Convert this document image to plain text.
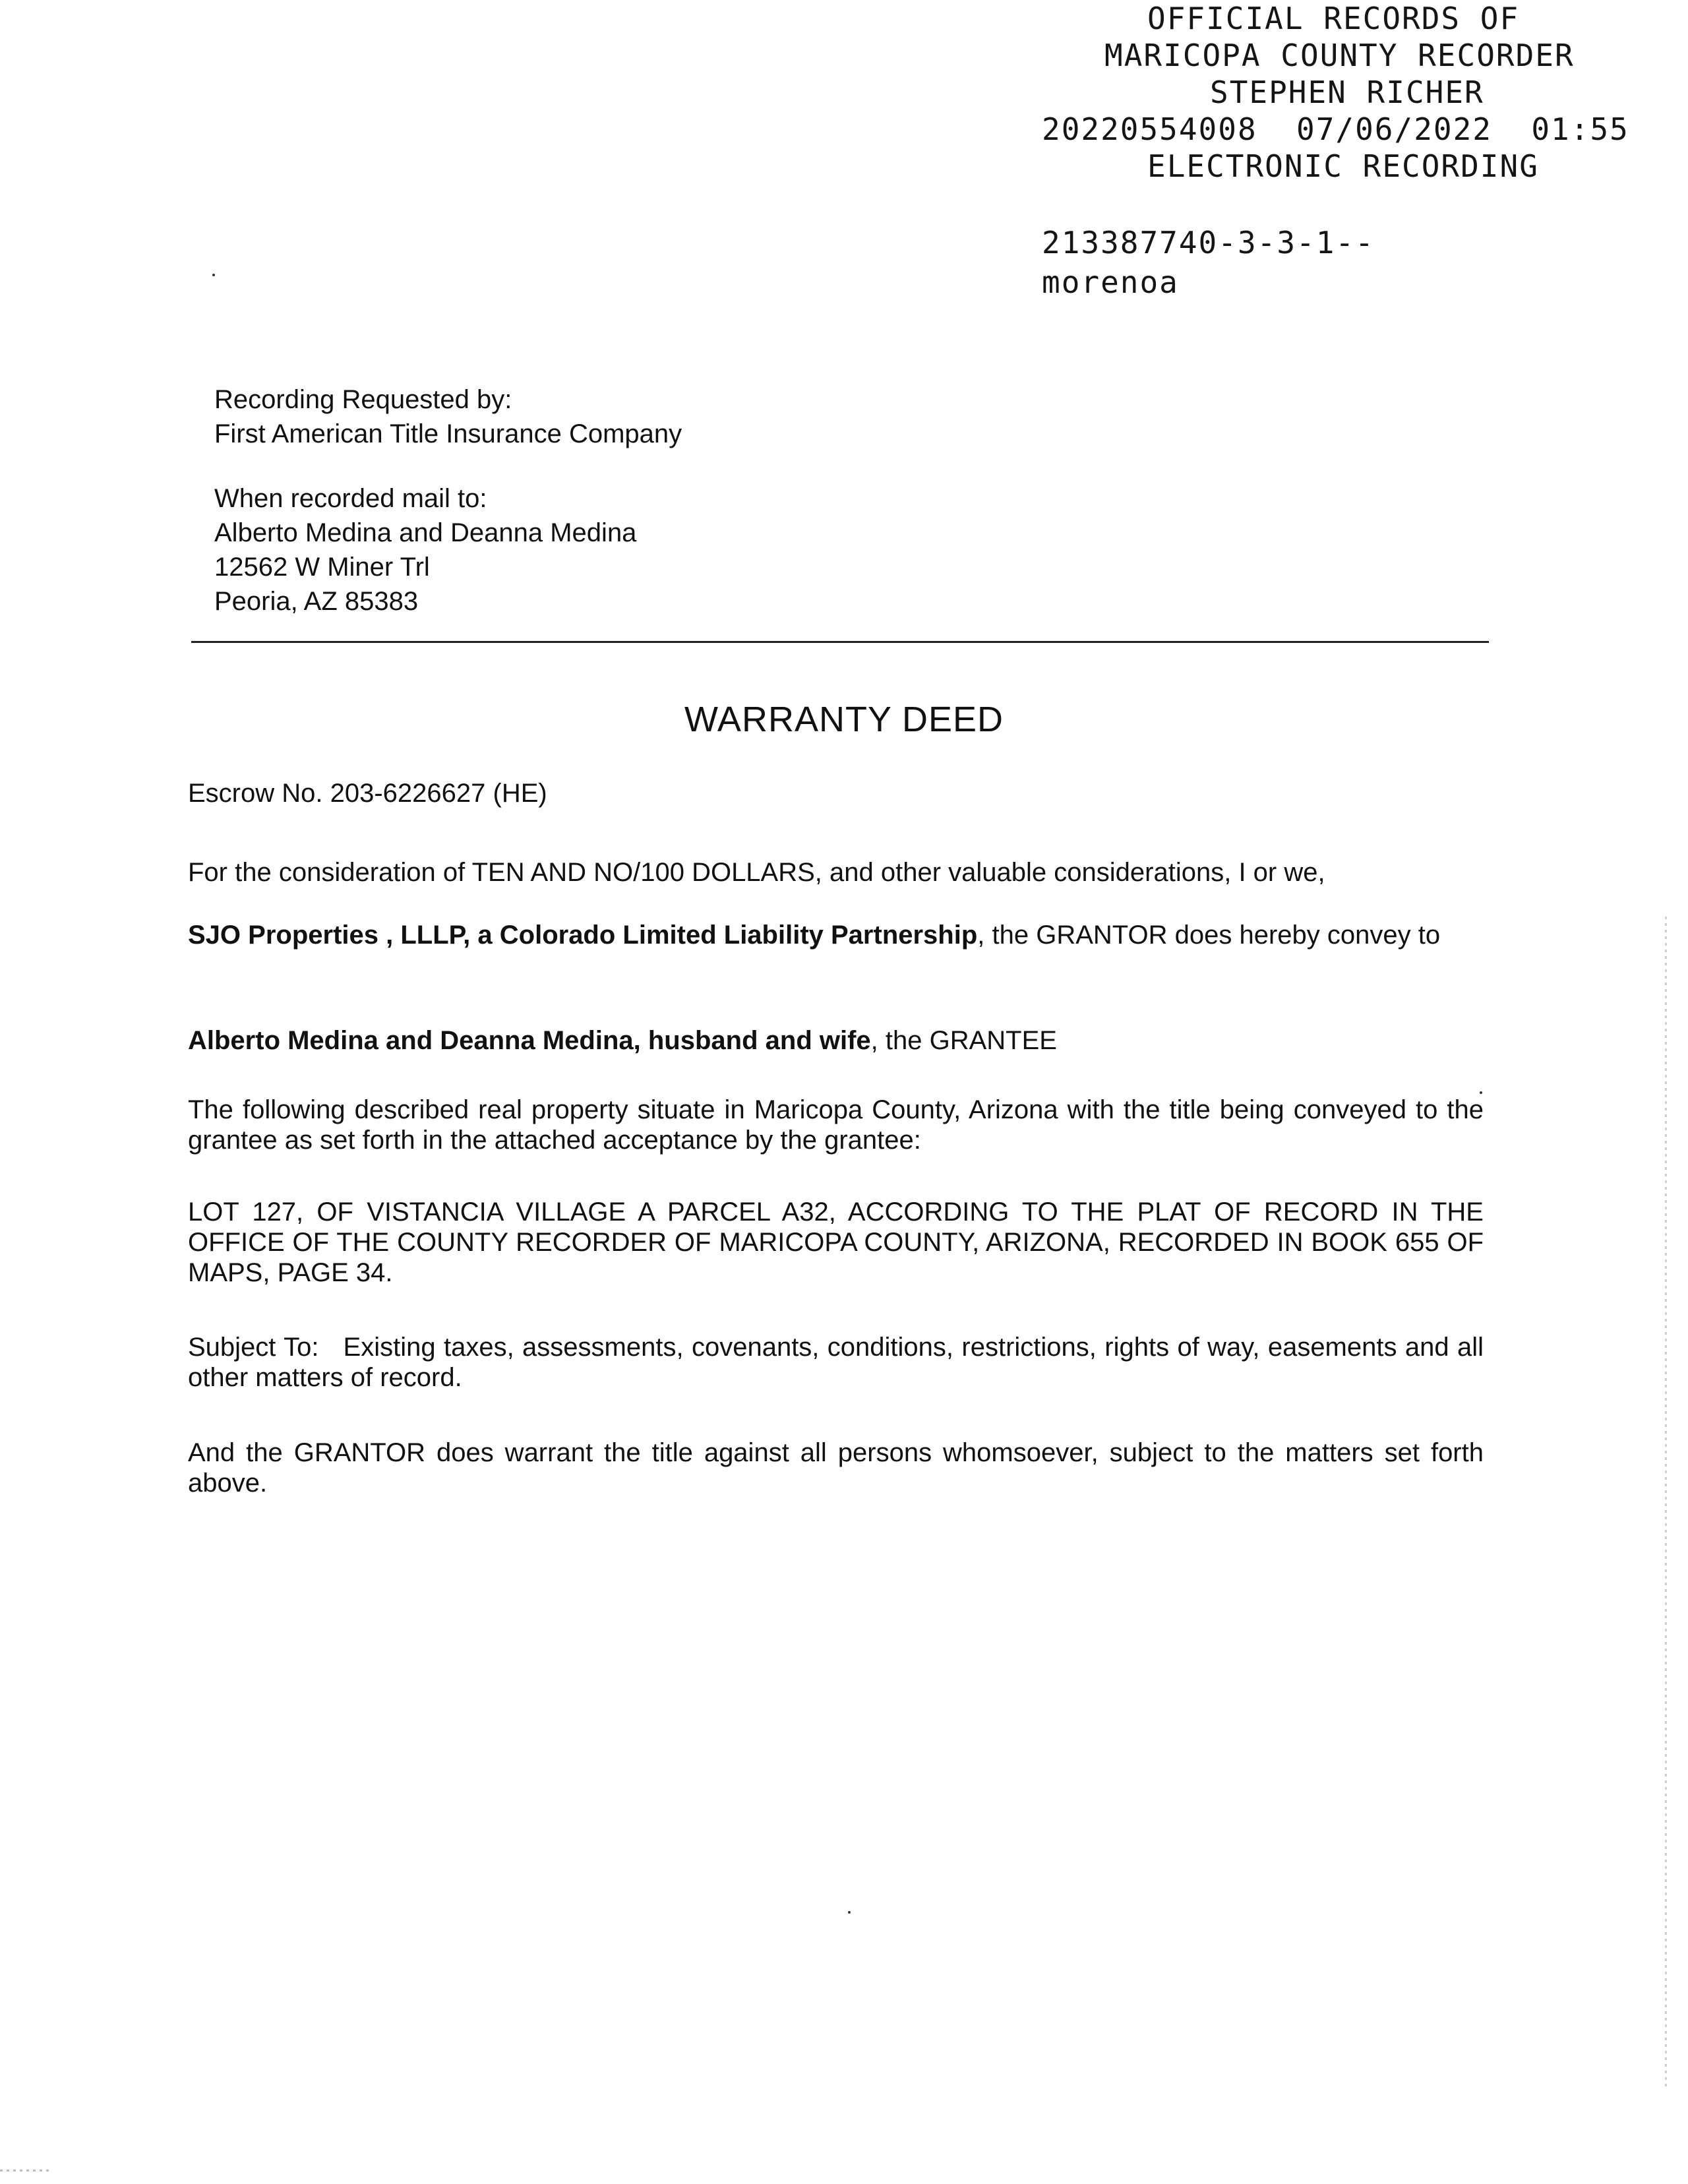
OFFICIAL RECORDS OF
MARICOPA COUNTY RECORDER
STEPHEN RICHER
20220554008  07/06/2022  01:55
ELECTRONIC RECORDING
213387740-3-3-1--
morenoa
Recording Requested by:
First American Title Insurance Company
When recorded mail to:
Alberto Medina and Deanna Medina
12562 W Miner Trl
Peoria, AZ 85383
WARRANTY DEED
Escrow No. 203-6226627 (HE)
For the consideration of TEN AND NO/100 DOLLARS, and other valuable considerations, I or we,
SJO Properties , LLLP, a Colorado Limited Liability Partnership, the GRANTOR does hereby convey to
Alberto Medina and Deanna Medina, husband and wife, the GRANTEE
The following described real property situate in Maricopa County, Arizona with the title being conveyed to the grantee as set forth in the attached acceptance by the grantee:
LOT 127, OF VISTANCIA VILLAGE A PARCEL A32, ACCORDING TO THE PLAT OF RECORD IN THE OFFICE OF THE COUNTY RECORDER OF MARICOPA COUNTY, ARIZONA, RECORDED IN BOOK 655 OF MAPS, PAGE 34.
Subject To:   Existing taxes, assessments, covenants, conditions, restrictions, rights of way, easements and all other matters of record.
And the GRANTOR does warrant the title against all persons whomsoever, subject to the matters set forth above.
